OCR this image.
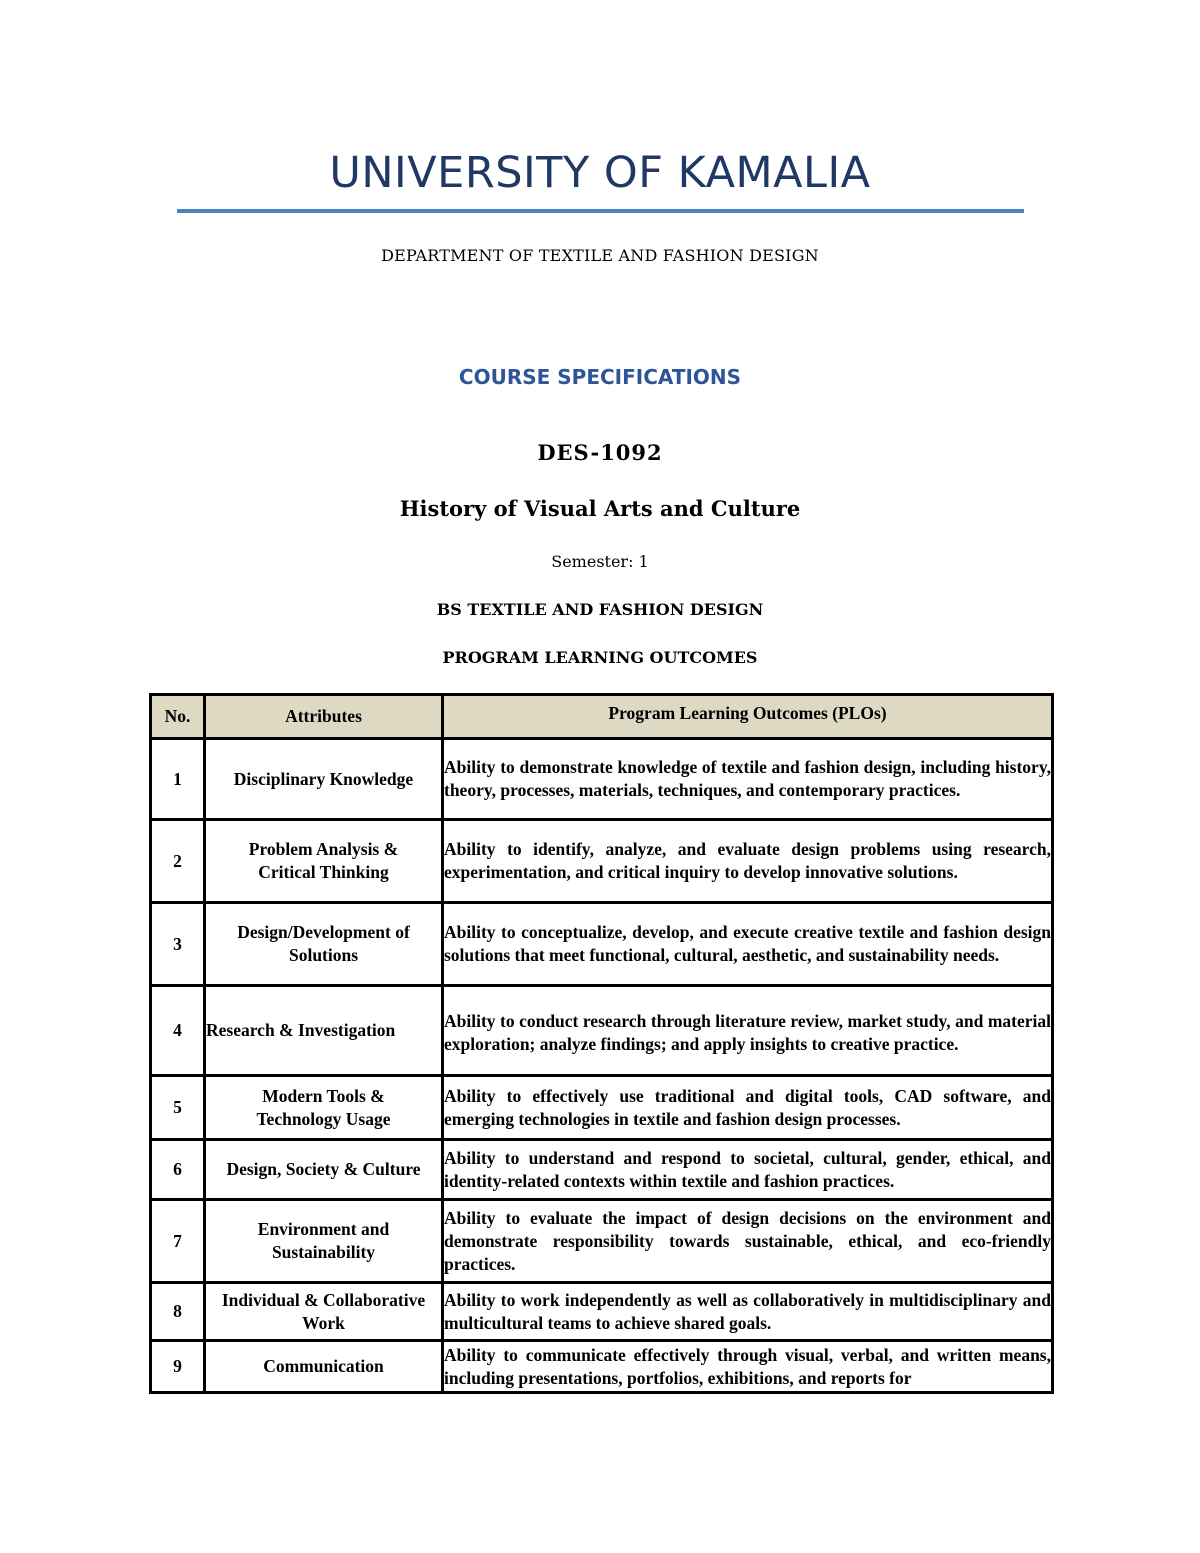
UNIVERSITY OF KAMALIA
DEPARTMENT OF TEXTILE AND FASHION DESIGN
COURSE SPECIFICATIONS
DES-1092
History of Visual Arts and Culture
Semester: 1
BS TEXTILE AND FASHION DESIGN
PROGRAM LEARNING OUTCOMES
No.	Attributes	Program Learning Outcomes (PLOs)
1	Disciplinary Knowledge	Ability to demonstrate knowledge of textile and fashion design, including history, theory, processes, materials, techniques, and contemporary practices.
2	Problem Analysis & Critical Thinking	Ability to identify, analyze, and evaluate design problems using research, experimentation, and critical inquiry to develop innovative solutions.
3	Design/Development of Solutions	Ability to conceptualize, develop, and execute creative textile and fashion design solutions that meet functional, cultural, aesthetic, and sustainability needs.
4	Research & Investigation	Ability to conduct research through literature review, market study, and material exploration; analyze findings; and apply insights to creative practice.
5	Modern Tools & Technology Usage	Ability to effectively use traditional and digital tools, CAD software, and emerging technologies in textile and fashion design processes.
6	Design, Society & Culture	Ability to understand and respond to societal, cultural, gender, ethical, and identity-related contexts within textile and fashion practices.
7	Environment and Sustainability	Ability to evaluate the impact of design decisions on the environment and demonstrate responsibility towards sustainable, ethical, and eco-friendly practices.
8	Individual & Collaborative Work	Ability to work independently as well as collaboratively in multidisciplinary and multicultural teams to achieve shared goals.
9	Communication	Ability to communicate effectively through visual, verbal, and written means, including presentations, portfolios, exhibitions, and reports for
